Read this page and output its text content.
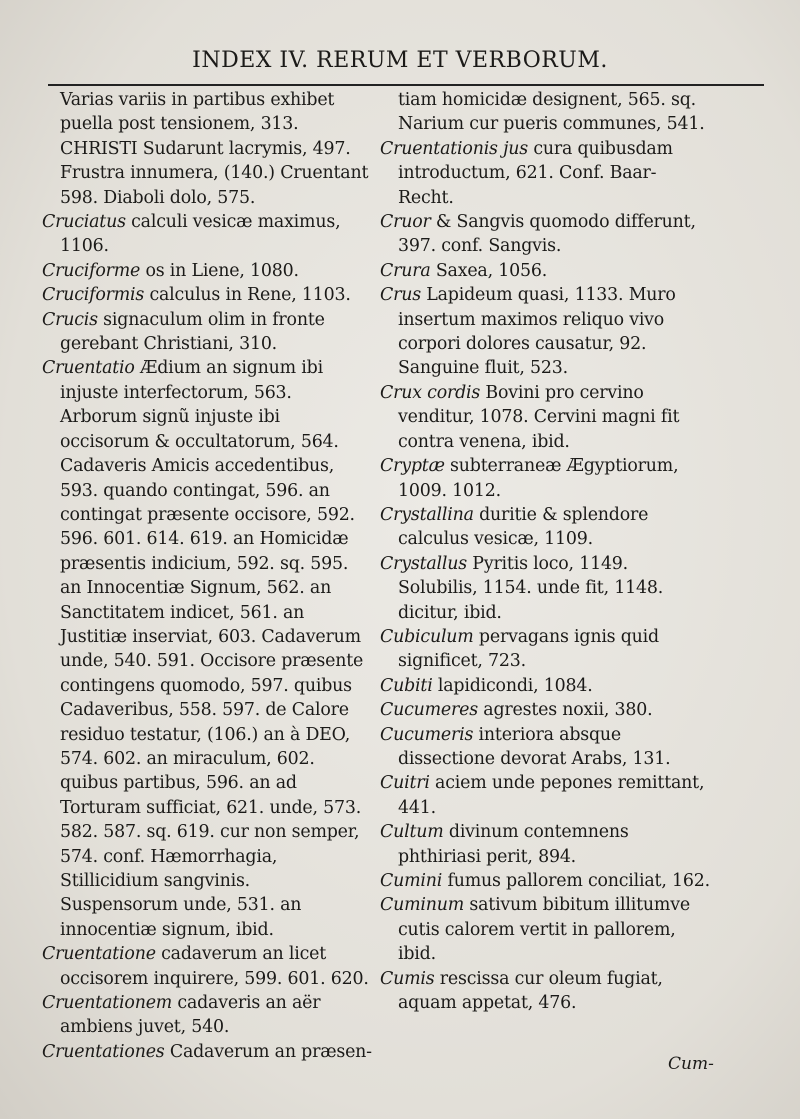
INDEX IV. RERUM ET VERBORUM.

Varias variis in partibus exhibet puella post tensionem, 313. CHRISTI Sudarunt lacrymis, 497. Frustra innumera, (140.) Cruentant 598. Diaboli dolo, 575.

Cruciatus calculi vesicæ maximus, 1106.

Cruciforme os in Liene, 1080.

Cruciformis calculus in Rene, 1103.

Crucis signaculum olim in fronte gerebant Christiani, 310.

Cruentatio Ædium an signum ibi injuste interfectorum, 563. Arborum signũ injuste ibi occisorum & occultatorum, 564. Cadaveris Amicis accedentibus, 593. quando contingat, 596. an contingat præsente occisore, 592. 596. 601. 614. 619. an Homicidæ præsentis indicium, 592. sq. 595. an Innocentiæ Signum, 562. an Sanctitatem indicet, 561. an Justitiæ inserviat, 603. Cadaverum unde, 540. 591. Occisore præsente contingens quomodo, 597. quibus Cadaveribus, 558. 597. de Calore residuo testatur, (106.) an à DEO, 574. 602. an miraculum, 602. quibus partibus, 596. an ad Torturam sufficiat, 621. unde, 573. 582. 587. sq. 619. cur non semper, 574. conf. Hæmorrhagia, Stillicidium sangvinis. Suspensorum unde, 531. an innocentiæ signum, ibid.

Cruentatione cadaverum an licet occisorem inquirere, 599. 601. 620.

Cruentationem cadaveris an aër ambiens juvet, 540.

Cruentationes Cadaverum an præsen-

tiam homicidæ designent, 565. sq. Narium cur pueris communes, 541.

Cruentationis jus cura quibusdam introductum, 621. Conf. Baar-Recht.

Cruor & Sangvis quomodo differunt, 397. conf. Sangvis.

Crura Saxea, 1056.

Crus Lapideum quasi, 1133. Muro insertum maximos reliquo vivo corpori dolores causatur, 92. Sanguine fluit, 523.

Crux cordis Bovini pro cervino venditur, 1078. Cervini magni fit contra venena, ibid.

Cryptæ subterraneæ Ægyptiorum, 1009. 1012.

Crystallina duritie & splendore calculus vesicæ, 1109.

Crystallus Pyritis loco, 1149. Solubilis, 1154. unde fit, 1148. dicitur, ibid.

Cubiculum pervagans ignis quid significet, 723.

Cubiti lapidicondi, 1084.

Cucumeres agrestes noxii, 380.

Cucumeris interiora absque dissectione devorat Arabs, 131.

Cuitri aciem unde pepones remittant, 441.

Cultum divinum contemnens phthiriasi perit, 894.

Cumini fumus pallorem conciliat, 162.

Cuminum sativum bibitum illitumve cutis calorem vertit in pallorem, ibid.

Cumis rescissa cur oleum fugiat, aquam appetat, 476.

Cum-
